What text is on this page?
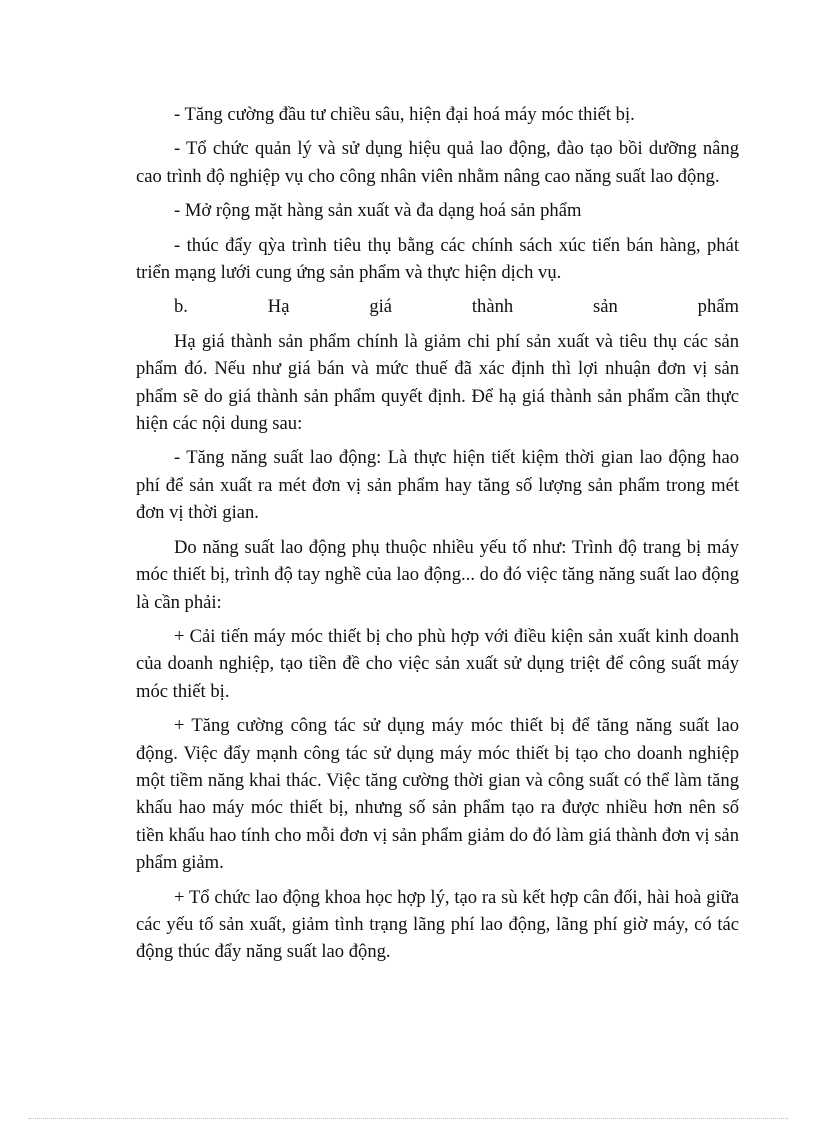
- Tăng cường đầu tư chiều sâu, hiện đại hoá máy móc thiết bị.

- Tổ chức quản lý và sử dụng hiệu quả lao động, đào tạo bồi dưỡng nâng cao trình độ nghiệp vụ cho công nhân viên nhằm nâng cao năng suất lao động.

- Mở rộng mặt hàng sản xuất và đa dạng hoá sản phẩm

- thúc đẩy qỳa trình tiêu thụ bằng các chính sách xúc tiến bán hàng, phát triển mạng lưới cung ứng sản phẩm và thực hiện dịch vụ.

b. Hạ giá thành sản phẩm

Hạ giá thành sản phẩm chính là giảm chi phí sản xuất và tiêu thụ các sản phẩm đó. Nếu như giá bán và mức thuế đã xác định thì lợi nhuận đơn vị sản phẩm sẽ do giá thành sản phẩm quyết định. Để hạ giá thành sản phẩm cần thực hiện các nội dung sau:

- Tăng năng suất lao động: Là thực hiện tiết kiệm thời gian lao động hao phí để sản xuất ra mét đơn vị sản phẩm hay tăng số lượng sản phẩm trong mét đơn vị thời gian.

Do năng suất lao động phụ thuộc nhiều yếu tố như: Trình độ trang bị máy móc thiết bị, trình độ tay nghề của lao động... do đó việc tăng năng suất lao động là cần phải:

+ Cải tiến máy móc thiết bị cho phù hợp với điều kiện sản xuất kinh doanh của doanh nghiệp, tạo tiền đề cho việc sản xuất sử dụng triệt để công suất máy móc thiết bị.

+ Tăng cường công tác sử dụng máy móc thiết bị để tăng năng suất lao động. Việc đẩy mạnh công tác sử dụng máy móc thiết bị tạo cho doanh nghiệp một tiềm năng khai thác. Việc tăng cường thời gian và công suất có thể làm tăng khấu hao máy móc thiết bị, nhưng số sản phẩm tạo ra được nhiều hơn nên số tiền khấu hao tính cho mỗi đơn vị sản phẩm giảm do đó làm giá thành đơn vị sản phẩm giảm.

+ Tổ chức lao động khoa học hợp lý, tạo ra sù kết hợp cân đối, hài hoà giữa các yếu tố sản xuất, giảm tình trạng lãng phí lao động, lãng phí giờ máy, có tác động thúc đẩy năng suất lao động.
